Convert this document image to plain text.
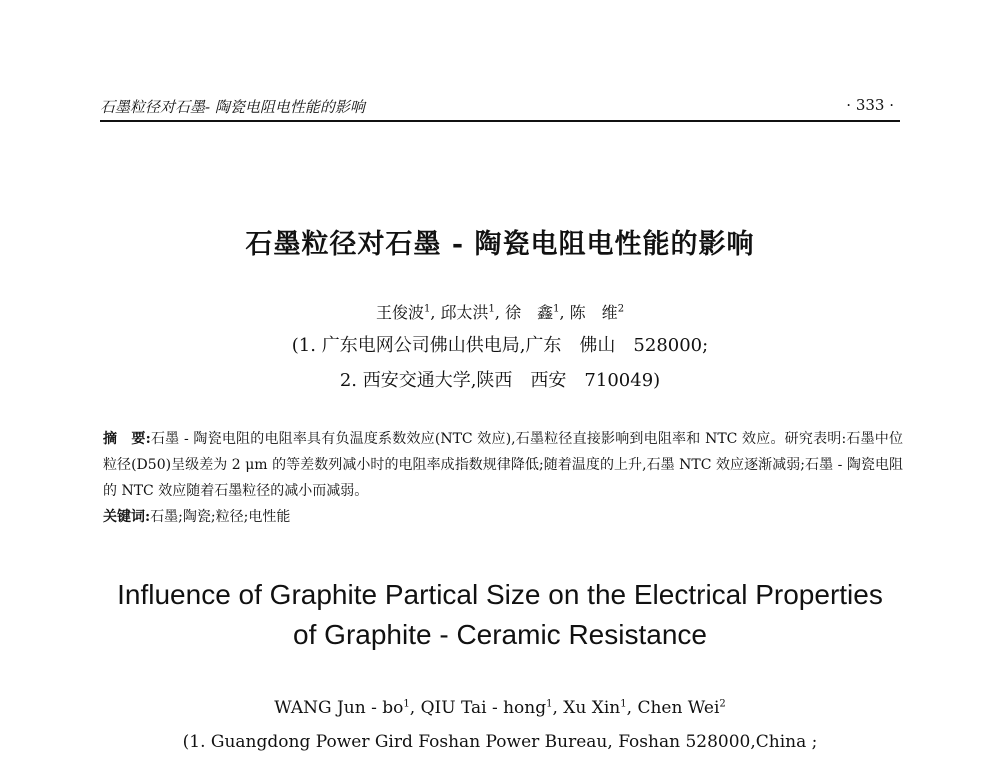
石墨粒径对石墨- 陶瓷电阻电性能的影响	· 333 ·
石墨粒径对石墨 - 陶瓷电阻电性能的影响
王俊波$^1$, 邱太洪$^1$, 徐　鑫$^1$, 陈　维$^2$
(1. 广东电网公司佛山供电局,广东　佛山　528000;
2. 西安交通大学,陕西　西安　710049)

摘　要:石墨 - 陶瓷电阻的电阻率具有负温度系数效应(NTC 效应),石墨粒径直接影响到电阻率和 NTC 效应。研究表明:石墨中位粒径(D50)呈级差为 2 μm 的等差数列减小时的电阻率成指数规律降低;随着温度的上升,石墨 NTC 效应逐渐减弱;石墨 - 陶瓷电阻的 NTC 效应随着石墨粒径的减小而减弱。

关键词:石墨;陶瓷;粒径;电性能

Influence of Graphite Partical Size on the Electrical Properties
of Graphite - Ceramic Resistance
WANG Jun - $bo^1$, QIU Tai - hong$^1$, Xu Xin$^1$, Chen Wei$^2$
(1. Guangdong Power Gird Foshan Power Bureau, Foshan 528000,China ;
